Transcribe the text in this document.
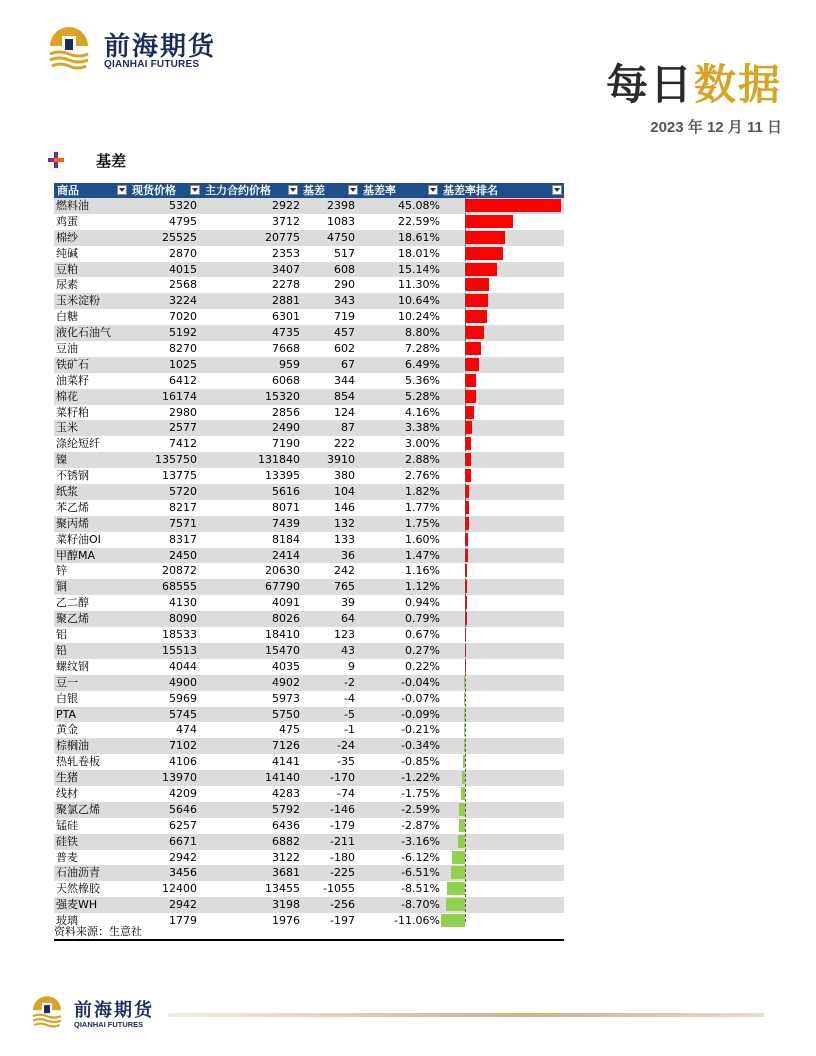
前海期货
QIANHAI FUTURES	每日数据
2023 年 12 月 11 日
基差
商品	现货价格	主力合约价格	基差	基差率	基差率排名
燃料油	5320	2922	2398	45.08%
鸡蛋	4795	3712	1083	22.59%
棉纱	25525	20775	4750	18.61%
纯碱	2870	2353	517	18.01%
豆粕	4015	3407	608	15.14%
尿素	2568	2278	290	11.30%
玉米淀粉	3224	2881	343	10.64%
白糖	7020	6301	719	10.24%
液化石油气	5192	4735	457	8.80%
豆油	8270	7668	602	7.28%
铁矿石	1025	959	67	6.49%
油菜籽	6412	6068	344	5.36%
棉花	16174	15320	854	5.28%
菜籽粕	2980	2856	124	4.16%
玉米	2577	2490	87	3.38%
涤纶短纤	7412	7190	222	3.00%
镍	135750	131840	3910	2.88%
不锈钢	13775	13395	380	2.76%
纸浆	5720	5616	104	1.82%
苯乙烯	8217	8071	146	1.77%
聚丙烯	7571	7439	132	1.75%
菜籽油OI	8317	8184	133	1.60%
甲醇MA	2450	2414	36	1.47%
锌	20872	20630	242	1.16%
铜	68555	67790	765	1.12%
乙二醇	4130	4091	39	0.94%
聚乙烯	8090	8026	64	0.79%
铝	18533	18410	123	0.67%
铅	15513	15470	43	0.27%
螺纹钢	4044	4035	9	0.22%
豆一	4900	4902	-2	-0.04%
白银	5969	5973	-4	-0.07%
PTA	5745	5750	-5	-0.09%
黄金	474	475	-1	-0.21%
棕榈油	7102	7126	-24	-0.34%
热轧卷板	4106	4141	-35	-0.85%
生猪	13970	14140	-170	-1.22%
线材	4209	4283	-74	-1.75%
聚氯乙烯	5646	5792	-146	-2.59%
锰硅	6257	6436	-179	-2.87%
硅铁	6671	6882	-211	-3.16%
普麦	2942	3122	-180	-6.12%
石油沥青	3456	3681	-225	-6.51%
天然橡胶	12400	13455	-1055	-8.51%
强麦WH	2942	3198	-256	-8.70%
玻璃	1779	1976	-197	-11.06%
资料来源：生意社
前海期货
QIANHAI FUTURES
